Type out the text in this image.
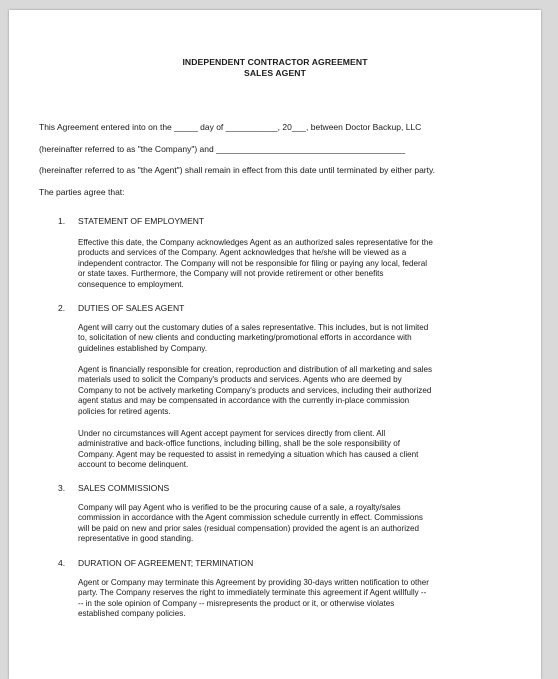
INDEPENDENT CONTRACTOR AGREEMENT
SALES AGENT
This Agreement entered into on the _____ day of ___________, 20___, between Doctor Backup, LLC
(hereinafter referred to as "the Company") and ________________________________________
(hereinafter referred to as "the Agent") shall remain in effect from this date until terminated by either party.
The parties agree that:
1. STATEMENT OF EMPLOYMENT
Effective this date, the Company acknowledges Agent as an authorized sales representative for the
products and services of the Company. Agent acknowledges that he/she will be viewed as a
independent contractor. The Company will not be responsible for filing or paying any local, federal
or state taxes. Furthermore, the Company will not provide retirement or other benefits
consequence to employment.
2. DUTIES OF SALES AGENT
Agent will carry out the customary duties of a sales representative. This includes, but is not limited
to, solicitation of new clients and conducting marketing/promotional efforts in accordance with
guidelines established by Company.
Agent is financially responsible for creation, reproduction and distribution of all marketing and sales
materials used to solicit the Company's products and services. Agents who are deemed by
Company to not be actively marketing Company's products and services, including their authorized
agent status and may be compensated in accordance with the currently in-place commission
policies for retired agents.
Under no circumstances will Agent accept payment for services directly from client. All
administrative and back-office functions, including billing, shall be the sole responsibility of
Company. Agent may be requested to assist in remedying a situation which has caused a client
account to become delinquent.
3. SALES COMMISSIONS
Company will pay Agent who is verified to be the procuring cause of a sale, a royalty/sales
commission in accordance with the Agent commission schedule currently in effect. Commissions
will be paid on new and prior sales (residual compensation) provided the agent is an authorized
representative in good standing.
4. DURATION OF AGREEMENT; TERMINATION
Agent or Company may terminate this Agreement by providing 30-days written notification to other
party. The Company reserves the right to immediately terminate this agreement if Agent willfully --
-- in the sole opinion of Company -- misrepresents the product or it, or otherwise violates
established company policies.
